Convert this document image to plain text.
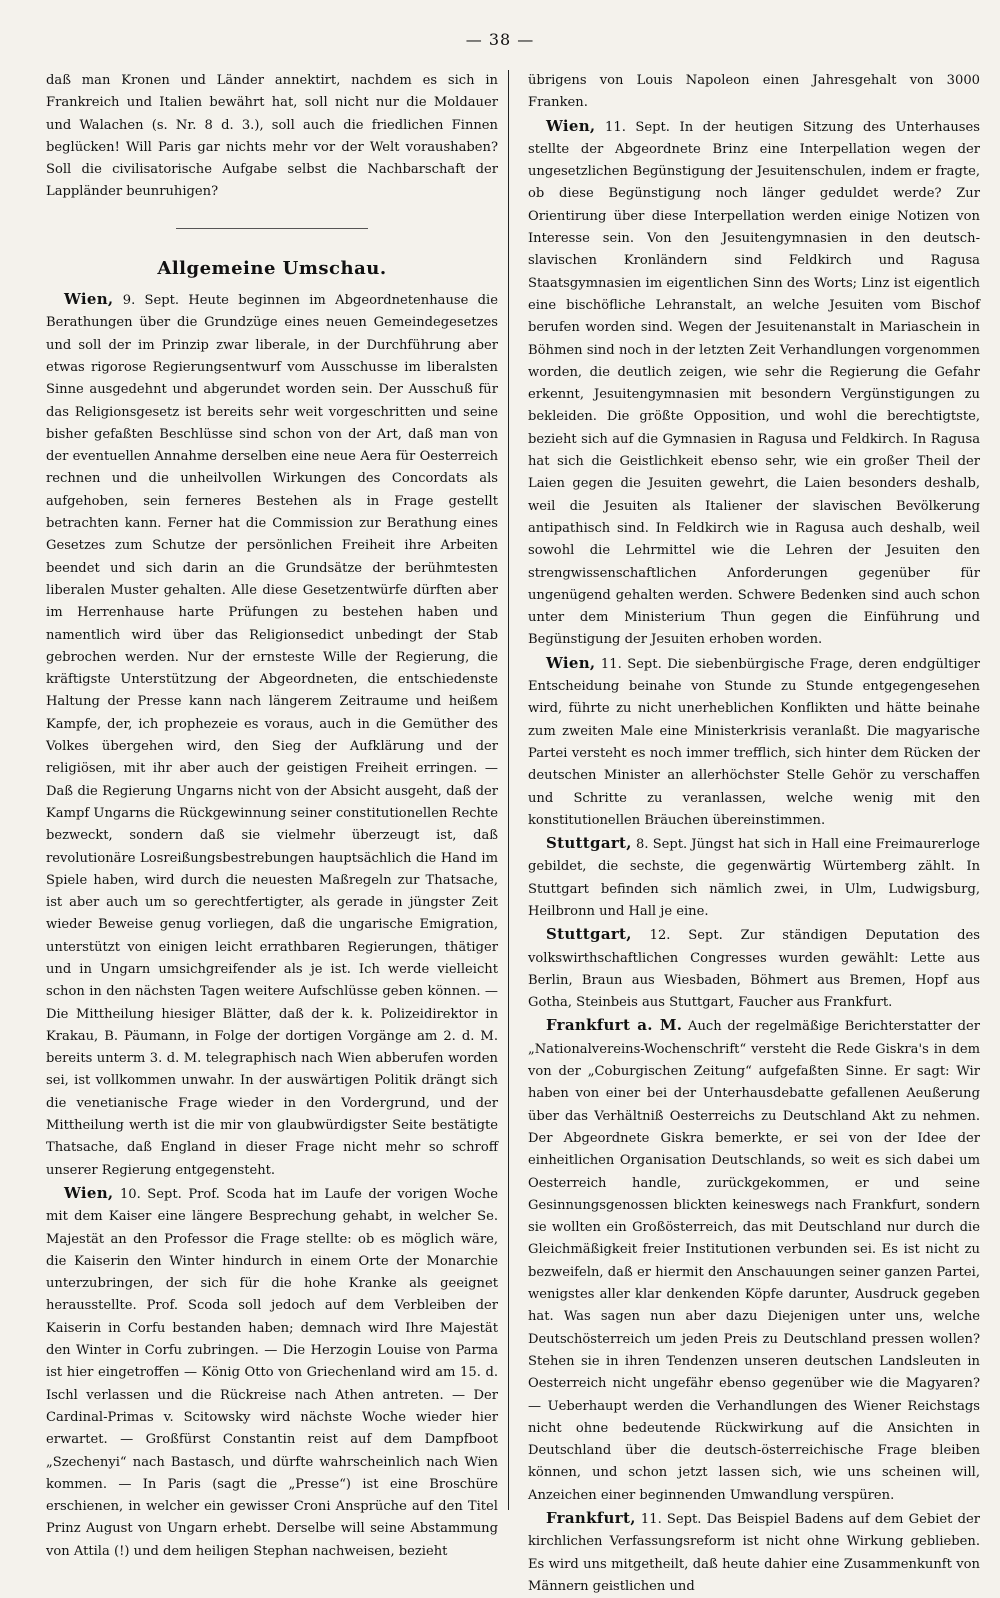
— 38 —

daß man Kronen und Länder annektirt, nachdem es sich in Frankreich und Italien bewährt hat, soll nicht nur die Moldauer und Walachen (s. Nr. 8 d. 3.), soll auch die friedlichen Finnen beglücken! Will Paris gar nichts mehr vor der Welt voraushaben? Soll die civilisatorische Aufgabe selbst die Nachbarschaft der Lappländer beunruhigen?

Allgemeine Umschau.

Wien, 9. Sept. Heute beginnen im Abgeordnetenhause die Berathungen über die Grundzüge eines neuen Gemeindegesetzes und soll der im Prinzip zwar liberale, in der Durchführung aber etwas rigorose Regierungsentwurf vom Ausschusse im liberalsten Sinne ausgedehnt und abgerundet worden sein. Der Ausschuß für das Religionsgesetz ist bereits sehr weit vorgeschritten und seine bisher gefaßten Beschlüsse sind schon von der Art, daß man von der eventuellen Annahme derselben eine neue Aera für Oesterreich rechnen und die unheilvollen Wirkungen des Concordats als aufgehoben, sein ferneres Bestehen als in Frage gestellt betrachten kann. Ferner hat die Commission zur Berathung eines Gesetzes zum Schutze der persönlichen Freiheit ihre Arbeiten beendet und sich darin an die Grundsätze der berühmtesten liberalen Muster gehalten. Alle diese Gesetzentwürfe dürften aber im Herrenhause harte Prüfungen zu bestehen haben und namentlich wird über das Religionsedict unbedingt der Stab gebrochen werden. Nur der ernsteste Wille der Regierung, die kräftigste Unterstützung der Abgeordneten, die entschiedenste Haltung der Presse kann nach längerem Zeitraume und heißem Kampfe, der, ich prophezeie es voraus, auch in die Gemüther des Volkes übergehen wird, den Sieg der Aufklärung und der religiösen, mit ihr aber auch der geistigen Freiheit erringen. — Daß die Regierung Ungarns nicht von der Absicht ausgeht, daß der Kampf Ungarns die Rückgewinnung seiner constitutionellen Rechte bezweckt, sondern daß sie vielmehr überzeugt ist, daß revolutionäre Losreißungsbestrebungen hauptsächlich die Hand im Spiele haben, wird durch die neuesten Maßregeln zur Thatsache, ist aber auch um so gerechtfertigter, als gerade in jüngster Zeit wieder Beweise genug vorliegen, daß die ungarische Emigration, unterstützt von einigen leicht errathbaren Regierungen, thätiger und in Ungarn umsichgreifender als je ist. Ich werde vielleicht schon in den nächsten Tagen weitere Aufschlüsse geben können. — Die Mittheilung hiesiger Blätter, daß der k. k. Polizeidirektor in Krakau, B. Päumann, in Folge der dortigen Vorgänge am 2. d. M. bereits unterm 3. d. M. telegraphisch nach Wien abberufen worden sei, ist vollkommen unwahr. In der auswärtigen Politik drängt sich die venetianische Frage wieder in den Vordergrund, und der Mittheilung werth ist die mir von glaubwürdigster Seite bestätigte Thatsache, daß England in dieser Frage nicht mehr so schroff unserer Regierung entgegensteht.

Wien, 10. Sept. Prof. Scoda hat im Laufe der vorigen Woche mit dem Kaiser eine längere Besprechung gehabt, in welcher Se. Majestät an den Professor die Frage stellte: ob es möglich wäre, die Kaiserin den Winter hindurch in einem Orte der Monarchie unterzubringen, der sich für die hohe Kranke als geeignet herausstellte. Prof. Scoda soll jedoch auf dem Verbleiben der Kaiserin in Corfu bestanden haben; demnach wird Ihre Majestät den Winter in Corfu zubringen. — Die Herzogin Louise von Parma ist hier eingetroffen — König Otto von Griechenland wird am 15. d. Ischl verlassen und die Rückreise nach Athen antreten. — Der Cardinal-Primas v. Scitowsky wird nächste Woche wieder hier erwartet. — Großfürst Constantin reist auf dem Dampfboot „Szechenyi“ nach Bastasch, und dürfte wahrscheinlich nach Wien kommen. — In Paris (sagt die „Presse“) ist eine Broschüre erschienen, in welcher ein gewisser Croni Ansprüche auf den Titel Prinz August von Ungarn erhebt. Derselbe will seine Abstammung von Attila (!) und dem heiligen Stephan nachweisen, bezieht

übrigens von Louis Napoleon einen Jahresgehalt von 3000 Franken.

Wien, 11. Sept. In der heutigen Sitzung des Unterhauses stellte der Abgeordnete Brinz eine Interpellation wegen der ungesetzlichen Begünstigung der Jesuitenschulen, indem er fragte, ob diese Begünstigung noch länger geduldet werde? Zur Orientirung über diese Interpellation werden einige Notizen von Interesse sein. Von den Jesuitengymnasien in den deutsch-slavischen Kronländern sind Feldkirch und Ragusa Staatsgymnasien im eigentlichen Sinn des Worts; Linz ist eigentlich eine bischöfliche Lehranstalt, an welche Jesuiten vom Bischof berufen worden sind. Wegen der Jesuitenanstalt in Mariaschein in Böhmen sind noch in der letzten Zeit Verhandlungen vorgenommen worden, die deutlich zeigen, wie sehr die Regierung die Gefahr erkennt, Jesuitengymnasien mit besondern Vergünstigungen zu bekleiden. Die größte Opposition, und wohl die berechtigtste, bezieht sich auf die Gymnasien in Ragusa und Feldkirch. In Ragusa hat sich die Geistlichkeit ebenso sehr, wie ein großer Theil der Laien gegen die Jesuiten gewehrt, die Laien besonders deshalb, weil die Jesuiten als Italiener der slavischen Bevölkerung antipathisch sind. In Feldkirch wie in Ragusa auch deshalb, weil sowohl die Lehrmittel wie die Lehren der Jesuiten den strengwissenschaftlichen Anforderungen gegenüber für ungenügend gehalten werden. Schwere Bedenken sind auch schon unter dem Ministerium Thun gegen die Einführung und Begünstigung der Jesuiten erhoben worden.

Wien, 11. Sept. Die siebenbürgische Frage, deren endgültiger Entscheidung beinahe von Stunde zu Stunde entgegengesehen wird, führte zu nicht unerheblichen Konflikten und hätte beinahe zum zweiten Male eine Ministerkrisis veranlaßt. Die magyarische Partei versteht es noch immer trefflich, sich hinter dem Rücken der deutschen Minister an allerhöchster Stelle Gehör zu verschaffen und Schritte zu veranlassen, welche wenig mit den konstitutionellen Bräuchen übereinstimmen.

Stuttgart, 8. Sept. Jüngst hat sich in Hall eine Freimaurerloge gebildet, die sechste, die gegenwärtig Würtemberg zählt. In Stuttgart befinden sich nämlich zwei, in Ulm, Ludwigsburg, Heilbronn und Hall je eine.

Stuttgart, 12. Sept. Zur ständigen Deputation des volkswirthschaftlichen Congresses wurden gewählt: Lette aus Berlin, Braun aus Wiesbaden, Böhmert aus Bremen, Hopf aus Gotha, Steinbeis aus Stuttgart, Faucher aus Frankfurt.

Frankfurt a. M. Auch der regelmäßige Berichterstatter der „Nationalvereins-Wochenschrift“ versteht die Rede Giskra's in dem von der „Coburgischen Zeitung“ aufgefaßten Sinne. Er sagt: Wir haben von einer bei der Unterhausdebatte gefallenen Aeußerung über das Verhältniß Oesterreichs zu Deutschland Akt zu nehmen. Der Abgeordnete Giskra bemerkte, er sei von der Idee der einheitlichen Organisation Deutschlands, so weit es sich dabei um Oesterreich handle, zurückgekommen, er und seine Gesinnungsgenossen blickten keineswegs nach Frankfurt, sondern sie wollten ein Großösterreich, das mit Deutschland nur durch die Gleichmäßigkeit freier Institutionen verbunden sei. Es ist nicht zu bezweifeln, daß er hiermit den Anschauungen seiner ganzen Partei, wenigstes aller klar denkenden Köpfe darunter, Ausdruck gegeben hat. Was sagen nun aber dazu Diejenigen unter uns, welche Deutschösterreich um jeden Preis zu Deutschland pressen wollen? Stehen sie in ihren Tendenzen unseren deutschen Landsleuten in Oesterreich nicht ungefähr ebenso gegenüber wie die Magyaren? — Ueberhaupt werden die Verhandlungen des Wiener Reichstags nicht ohne bedeutende Rückwirkung auf die Ansichten in Deutschland über die deutsch-österreichische Frage bleiben können, und schon jetzt lassen sich, wie uns scheinen will, Anzeichen einer beginnenden Umwandlung verspüren.

Frankfurt, 11. Sept. Das Beispiel Badens auf dem Gebiet der kirchlichen Verfassungsreform ist nicht ohne Wirkung geblieben. Es wird uns mitgetheilt, daß heute dahier eine Zusammenkunft von Männern geistlichen und
